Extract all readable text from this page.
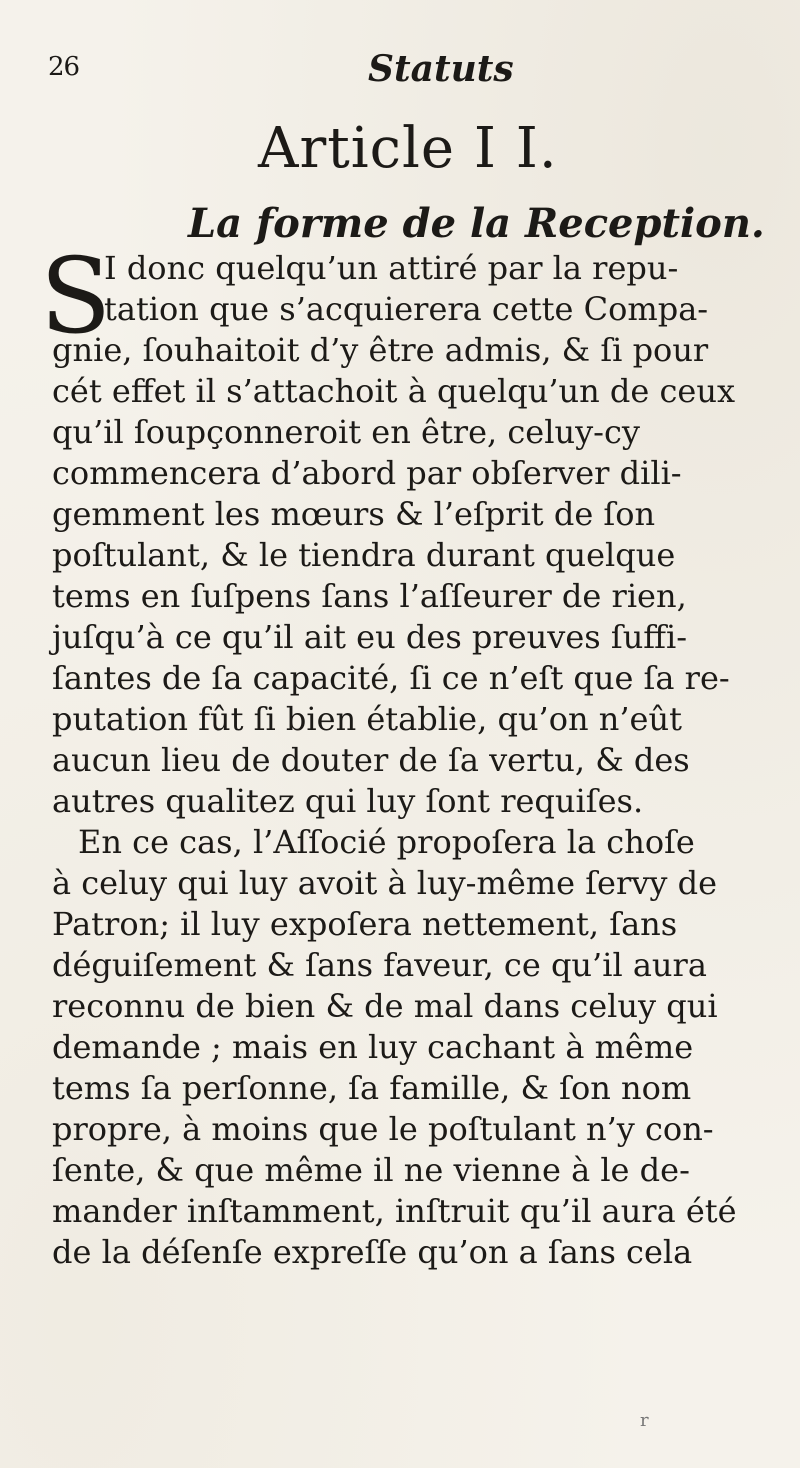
26	Statuts
Article I I.
La forme de la Reception.
S
I donc quelqu’un attiré par la repu-
tation que s’acquierera cette Compa-
gnie, ſouhaitoit d’y être admis, & ſi pour
cét effet il s’attachoit à quelqu’un de ceux
qu’il ſoupçonneroit en être, celuy-cy
commencera d’abord par obſerver dili-
gemment les mœurs & l’eſprit de ſon
poſtulant, & le tiendra durant quelque
tems en ſuſpens ſans l’aſſeurer de rien,
juſqu’à ce qu’il ait eu des preuves ſuffi-
ſantes de ſa capacité, ſi ce n’eſt que ſa re-
putation fût ſi bien établie, qu’on n’eût
aucun lieu de douter de ſa vertu, & des
autres qualitez qui luy ſont requiſes.
En ce cas, l’Aſſocié propoſera la choſe
à celuy qui luy avoit à luy-même ſervy de
Patron; il luy expoſera nettement, ſans
déguiſement & ſans faveur, ce qu’il aura
reconnu de bien & de mal dans celuy qui
demande ; mais en luy cachant à même
tems ſa perſonne, ſa famille, & ſon nom
propre, à moins que le poſtulant n’y con-
ſente, & que même il ne vienne à le de-
mander inſtamment, inſtruit qu’il aura été
de la déſenſe expreſſe qu’on a ſans cela
r
